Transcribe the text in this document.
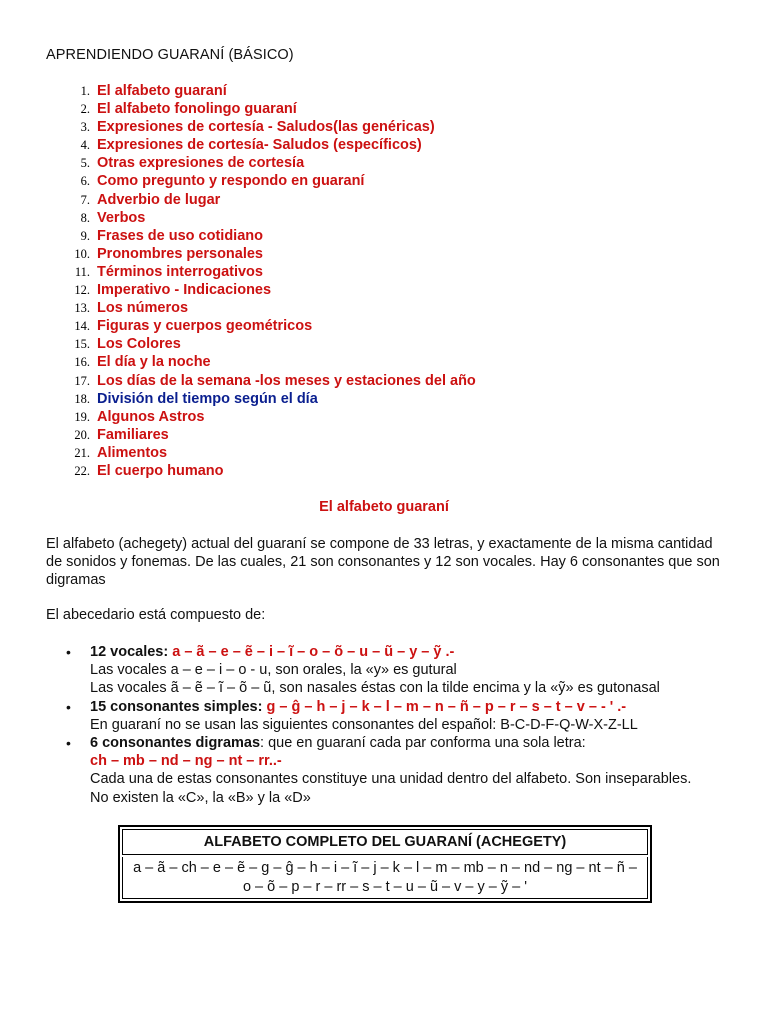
APRENDIENDO GUARANÍ (BÁSICO)
1. El alfabeto guaraní
2. El alfabeto fonolingo guaraní
3. Expresiones de cortesía - Saludos(las genéricas)
4. Expresiones de cortesía- Saludos (específicos)
5. Otras expresiones de cortesía
6. Como pregunto y respondo en guaraní
7. Adverbio de lugar
8. Verbos
9. Frases de uso cotidiano
10. Pronombres personales
11. Términos interrogativos
12. Imperativo - Indicaciones
13. Los números
14. Figuras y cuerpos geométricos
15. Los Colores
16. El día y la noche
17. Los días de la semana -los meses y estaciones del año
18. División del tiempo según el día
19. Algunos Astros
20. Familiares
21. Alimentos
22. El cuerpo humano
El alfabeto guaraní
El alfabeto (achegety) actual del guaraní se compone de 33 letras, y exactamente de la misma cantidad de sonidos y fonemas. De las cuales, 21 son consonantes y 12 son vocales. Hay 6 consonantes que son digramas
El abecedario está compuesto de:
• 12 vocales: a – ã – e – ẽ – i – ĩ – o – õ – u – ũ – y – ỹ .-
Las vocales a – e – i – o - u, son orales, la «y» es gutural
Las vocales ã – ẽ – ĩ – õ – ũ, son nasales éstas con la tilde encima y la «ỹ» es gutonasal
• 15 consonantes simples: g – ĝ – h – j – k – l – m – n – ñ – p – r – s – t – v – - ' .-
En guaraní no se usan las siguientes consonantes del español: B-C-D-F-Q-W-X-Z-LL
• 6 consonantes digramas: que en guaraní cada par conforma una sola letra:
ch – mb – nd – ng – nt – rr..-
Cada una de estas consonantes constituye una unidad dentro del alfabeto. Son inseparables.
No existen la «C», la «B» y la «D»
ALFABETO COMPLETO DEL GUARANÍ (ACHEGETY)
a – ã – ch – e – ẽ – g – ĝ – h – i – ĩ – j – k – l – m – mb – n – nd – ng – nt – ñ –
o – õ – p – r – rr – s – t – u – ũ – v – y – ỹ – '
